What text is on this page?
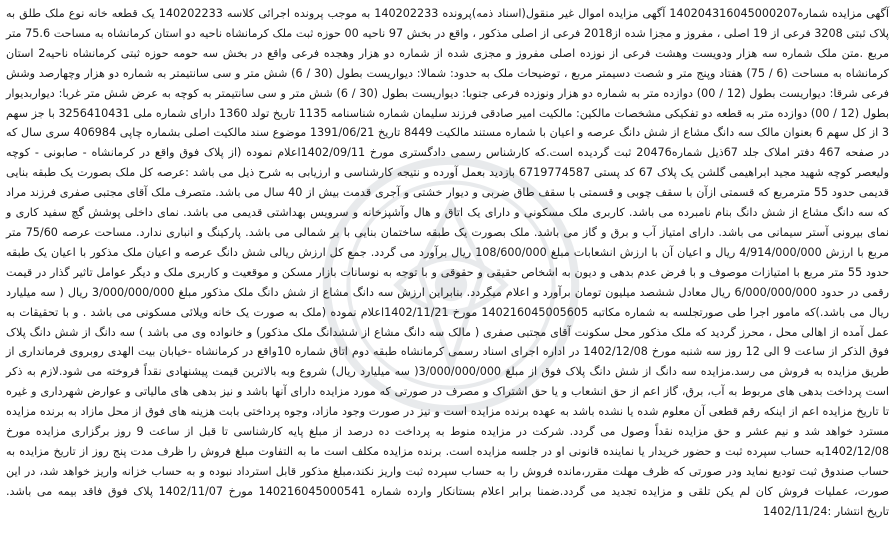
آگهی مزایده شماره140204316045000207 آگهی مزایده اموال غیر منقول(اسناد ذمه)پرونده 140202233 به موجب پرونده اجرائی کلاسه 140202233 یک قطعه خانه نوع ملک طلق به پلاک ثبتی 3208 فرعی از 19 اصلی ، مفروز و مجزا شده از2018 فرعی از اصلی مذکور ، واقع در بخش 97 ناحیه 00 حوزه ثبت ملک کرمانشاه ناحیه دو استان کرمانشاه به مساحت 75.6 متر مربع .متن ملک شماره سه هزار ودویست وهشت فرعی از نوزده اصلی مفروز و مجزی شده از شماره دو هزار وهجده فرعی واقع در بخش سه حومه حوزه ثبتی کرمانشاه ناحیه2 استان کرمانشاه به مساحت (6 / 75) هفتاد وپنج متر و شصت دسیمتر مربع ، توضیحات ملک به حدود: شمالا: دیواریست بطول (30 / 6) شش متر و سی سانتیمتر به شماره دو هزار وچهارصد وشش فرعی شرقا: دیواریست بطول (12 / 00) دوازده متر به شماره دو هزار ونوزده فرعی جنوبا: دیواریست بطول (30 / 6) شش متر و سی سانتیمتر به کوچه به عرض شش متر غربا: دیواربدیوار بطول (12 / 00) دوازده متر به قطعه دو تفکیکی مشخصات مالکین: مالکیت امیر صادقی فرزند سلیمان شماره شناسنامه 1135 تاریخ تولد 1360 دارای شماره ملی 3256410431 با جز سهم 3 از کل سهم 6 بعنوان مالک سه دانگ مشاع از شش دانگ عرصه و اعیان با شماره مستند مالکیت 8449 تاریخ 1391/06/21 موضوع سند مالکیت اصلی بشماره چاپی 406984 سری سال که در صفحه 467 دفتر املاک جلد 67ذیل شماره20476 ثبت گردیده است.که کارشناس رسمی دادگستری مورخ 1402/09/11اعلام نموده (از پلاک فوق واقع در کرمانشاه - صابونی - کوچه ولیعصر کوچه شهید مجید ابراهیمی گلشن یک پلاک 67 کد پستی 6719774587 بازدید بعمل آورده و نتیجه کارشناسی و ارزیابی به شرح ذیل می باشد :عرصه کل ملک بصورت یک طبقه بنایی قدیمی حدود 55 مترمربع که قسمتی ازآن با سقف چوبی و قسمتی با سقف طاق ضربی و دیوار خشتی و آجری قدمت بیش از 40 سال می باشد. متصرف ملک آقای مجتبی صفری فرزند مراد که سه دانگ مشاع از شش دانگ بنام نامبرده می باشد. کاربری ملک مسکونی و دارای یک اتاق و هال وآشپزخانه و سرویس بهداشتی قدیمی می باشد. نمای داخلی پوشش گچ سفید کاری و نمای بیرونی آستر سیمانی می باشد. دارای امتیاز آب و برق و گاز می باشد. ملک بصورت یک طبقه ساختمان بنایی با بر شمالی می باشد. پارکینگ و انباری ندارد. مساحت عرصه 75/60 متر مربع با ارزش 4/914/000/000 ریال و اعیان آن با ارزش انشعابات مبلغ 108/600/000 ریال برآورد می گردد. جمع کل ارزش ریالی شش دانگ عرصه و اعیان ملک مذکور با اعیان یک طبقه حدود 55 متر مربع با امتیازات موصوف و با فرض عدم بدهی و دیون به اشخاص حقیقی و حقوقی و با توجه به نوسانات بازار مسکن و موقعیت و کاربری ملک و دیگر عوامل تاثیر گذار در قیمت رقمی در حدود 6/000/000/000 ریال معادل ششصد میلیون تومان برآورد و اعلام میگردد. بنابراین ارزش سه دانگ مشاع از شش دانگ ملک مذکور مبلغ 3/000/000/000 ریال ( سه میلیارد ریال می باشد.)که مامور اجرا طی صورتجلسه به شماره مکاتبه 140216045005605 مورخ 1402/11/21اعلام نموده (ملک به صورت یک خانه ویلائی مسکونی می باشد . و با تحقیقات به عمل آمده از اهالی محل ، محرز گردید که ملک مذکور محل سکونت آقای مجتبی صفری ( مالک سه دانگ مشاع از ششدانگ ملک مذکور) و خانواده وی می باشد ) سه دانگ از شش دانگ پلاک فوق الذکر از ساعت 9 الی 12 روز سه شنبه مورخ 1402/12/08 در اداره اجرای اسناد رسمی کرمانشاه طبقه دوم اتاق شماره 10واقع در کرمانشاه -خیابان بیت الهدی روبروی فرمانداری از طریق مزایده به فروش می رسد.مزایده سه دانگ از شش دانگ پلاک فوق از مبلغ 3/000/000/000( سه میلیارد ریال) شروع وبه بالاترین قیمت پیشنهادی نقداً فروخته می شود.لازم به ذکر است پرداخت بدهی های مربوط به آب، برق، گاز اعم از حق انشعاب و یا حق اشتراک و مصرف در صورتی که مورد مزایده دارای آنها باشد و نیز بدهی های مالیاتی و عوارض شهرداری و غیره تا تاریخ مزایده اعم از اینکه رقم قطعی آن معلوم شده یا نشده باشد به عهده برنده مزایده است و نیز در صورت وجود مازاد، وجوه پرداختی بابت هزینه های فوق از محل مازاد به برنده مزایده مسترد خواهد شد و نیم عشر و حق مزایده نقداً وصول می گردد. شرکت در مزایده منوط به پرداخت ده درصد از مبلغ پایه کارشناسی تا قبل از ساعت 9 روز برگزاری مزایده مورخ 1402/12/08به حساب سپرده ثبت و حضور خریدار یا نماینده قانونی او در جلسه مزایده است. برنده مزایده مکلف است ما به التفاوت مبلغ فروش را ظرف مدت پنج روز از تاریخ مزایده به حساب صندوق ثبت تودیع نماید ودر صورتی که ظرف مهلت مقرر،مانده فروش را به حساب سپرده ثبت واریز نکند،مبلغ مذکور قابل استرداد نبوده و به حساب خزانه واریز خواهد شد، در این صورت، عملیات فروش کان لم یکن تلقی و مزایده تجدید می گردد.ضمنا برابر اعلام بستانکار وارده شماره 140216045000541 مورخ 1402/11/07 پلاک فوق فاقد بیمه می باشد. تاریخ انتشار :1402/11/24
